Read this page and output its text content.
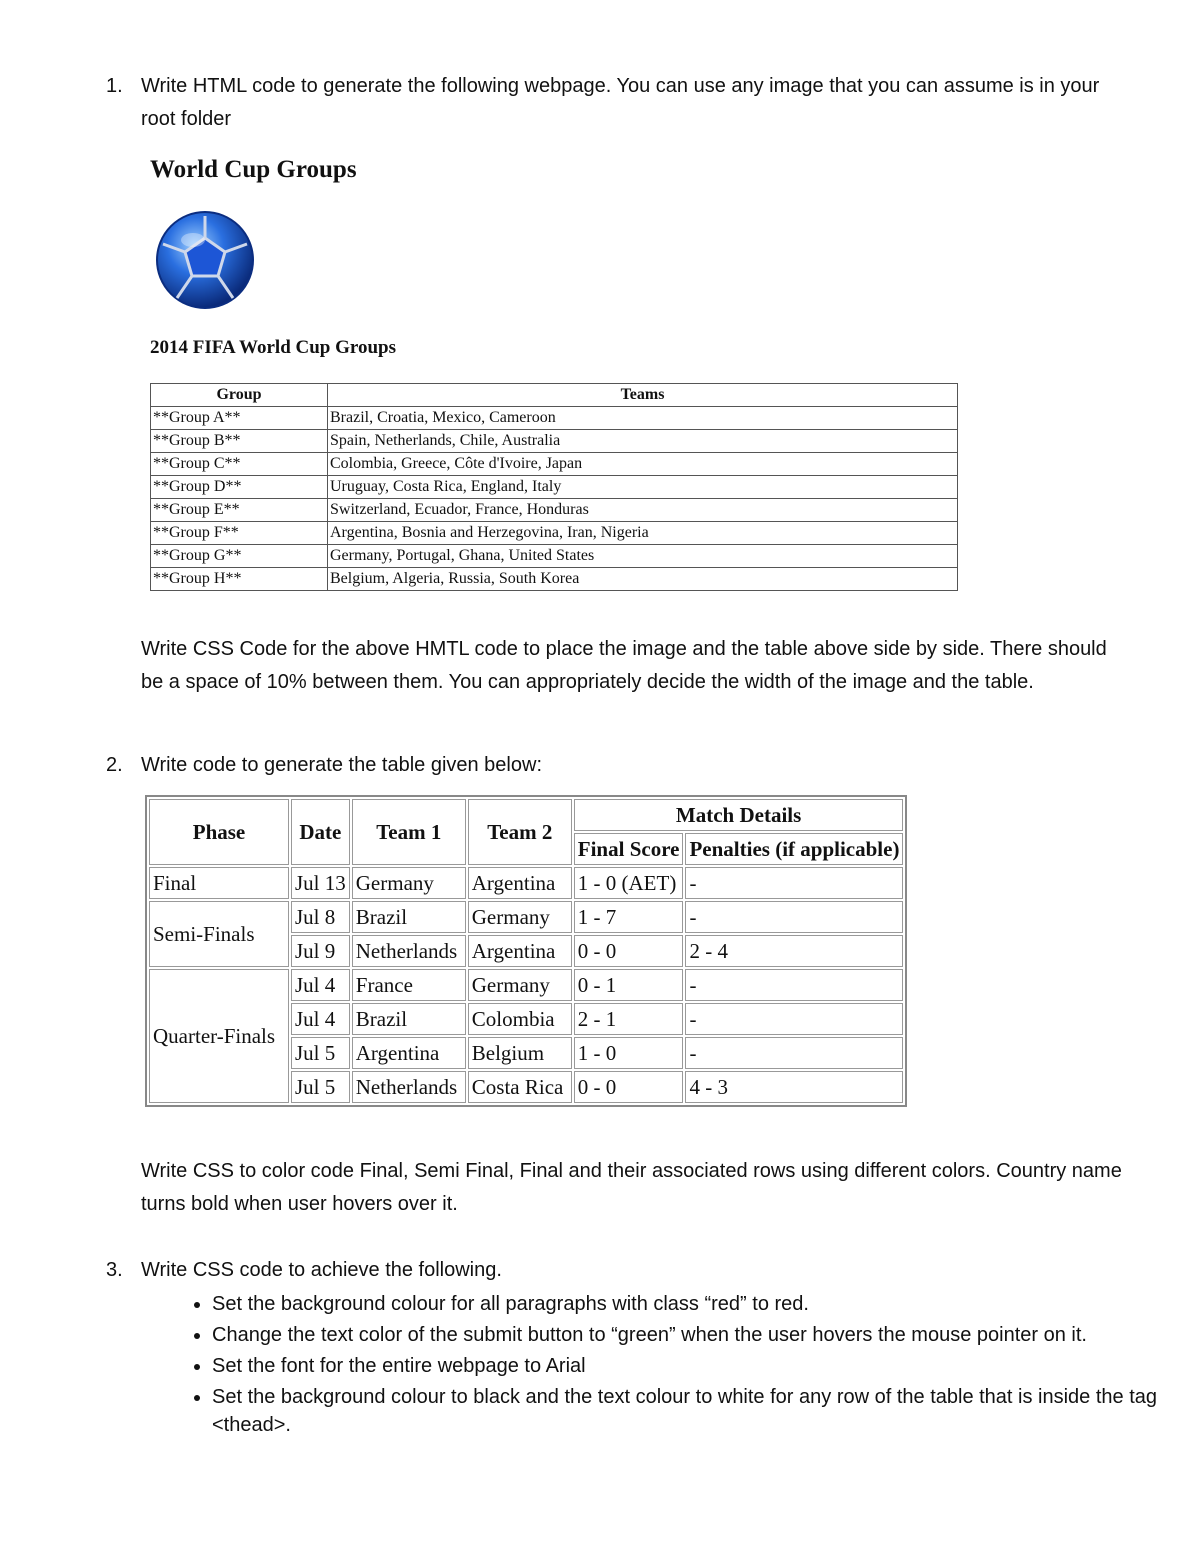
1. Write HTML code to generate the following webpage. You can use any image that you can assume is in your root folder
World Cup Groups

2014 FIFA World Cup Groups

Group	Teams
**Group A**	Brazil, Croatia, Mexico, Cameroon
**Group B**	Spain, Netherlands, Chile, Australia
**Group C**	Colombia, Greece, Côte d'Ivoire, Japan
**Group D**	Uruguay, Costa Rica, England, Italy
**Group E**	Switzerland, Ecuador, France, Honduras
**Group F**	Argentina, Bosnia and Herzegovina, Iran, Nigeria
**Group G**	Germany, Portugal, Ghana, United States
**Group H**	Belgium, Algeria, Russia, South Korea

Write CSS Code for the above HMTL code to place the image and the table above side by side. There should be a space of 10% between them. You can appropriately decide the width of the image and the table.

2. Write code to generate the table given below:
Phase	Date	Team 1	Team 2	Match Details	
				Final Score	Penalties (if applicable)
Final	Jul 13	Germany	Argentina	1 - 0 (AET)	-
Semi-Finals	Jul 8	Brazil	Germany	1 - 7	-
	Jul 9	Netherlands	Argentina	0 - 0	2 - 4
Quarter-Finals	Jul 4	France	Germany	0 - 1	-
	Jul 4	Brazil	Colombia	2 - 1	-
	Jul 5	Argentina	Belgium	1 - 0	-
	Jul 5	Netherlands	Costa Rica	0 - 0	4 - 3

Write CSS to color code Final, Semi Final, Final and their associated rows using different colors. Country name turns bold when user hovers over it.

3. Write CSS code to achieve the following.
• Set the background colour for all paragraphs with class “red” to red.
• Change the text color of the submit button to “green” when the user hovers the mouse pointer on it.
• Set the font for the entire webpage to Arial
• Set the background colour to black and the text colour to white for any row of the table that is inside the tag <thead>.
